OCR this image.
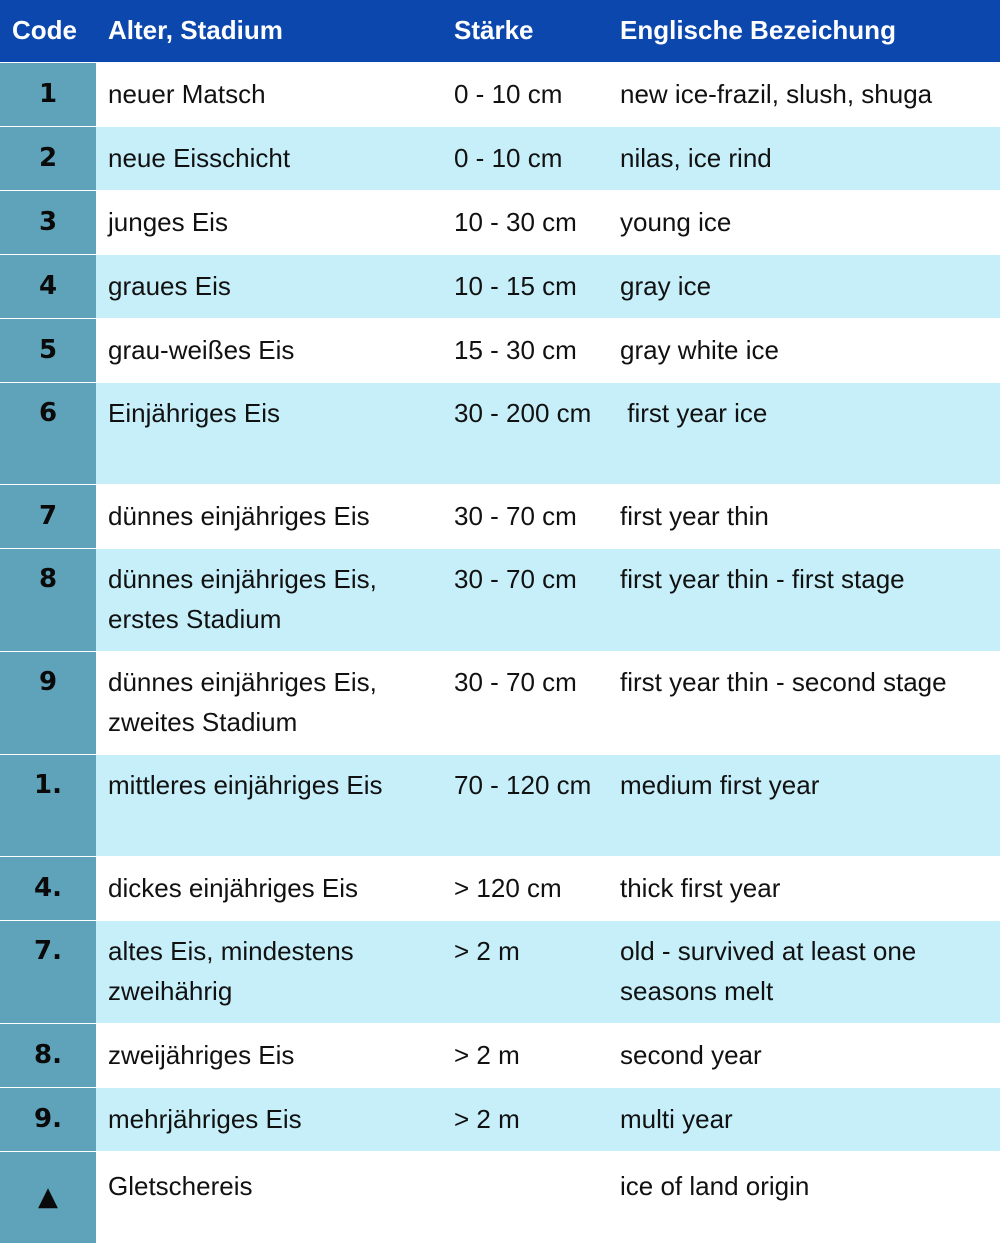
Code	Alter, Stadium	Stärke	Englische Bezeichung
1	neuer Matsch	0 - 10 cm	new ice-frazil, slush, shuga
2	neue Eisschicht	0 - 10 cm	nilas, ice rind
3	junges Eis	10 - 30 cm	young ice
4	graues Eis	10 - 15 cm	gray ice
5	grau-weißes Eis	15 - 30 cm	gray white ice
6	Einjähriges Eis	30 - 200 cm	first year ice
7	dünnes einjähriges Eis	30 - 70 cm	first year thin
8	dünnes einjähriges Eis, erstes Stadium	30 - 70 cm	first year thin - first stage
9	dünnes einjähriges Eis, zweites Stadium	30 - 70 cm	first year thin - second stage
1.	mittleres einjähriges Eis	70 - 120 cm	medium first year
4.	dickes einjähriges Eis	> 120 cm	thick first year
7.	altes Eis, mindestens zweihährig	> 2 m	old - survived at least one seasons melt
8.	zweijähriges Eis	> 2 m	second year
9.	mehrjähriges Eis	> 2 m	multi year
▲	Gletschereis		ice of land origin
